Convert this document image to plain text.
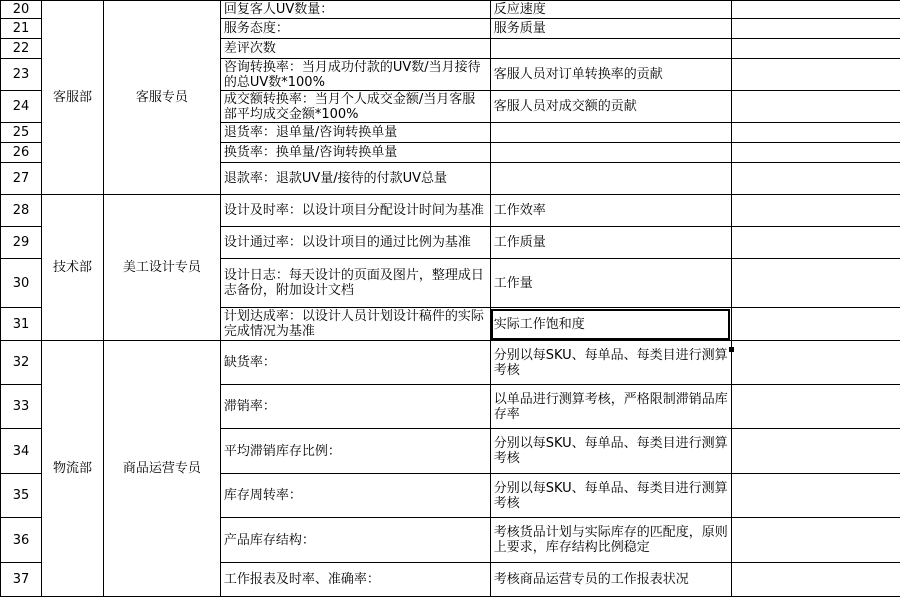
20	客服部	客服专员	回复客人UV数量：	反应速度	
21			服务态度：	服务质量	
22			差评次数		
23			咨询转换率：当月成功付款的UV数/当月接待的总UV数*100%	客服人员对订单转换率的贡献	
24			成交额转换率：当月个人成交金额/当月客服部平均成交金额*100%	客服人员对成交额的贡献	
25			退货率：退单量/咨询转换单量		
26			换货率：换单量/咨询转换单量		
27			退款率：退款UV量/接待的付款UV总量		
28	技术部	美工设计专员	设计及时率：以设计项目分配设计时间为基准	工作效率	
29			设计通过率：以设计项目的通过比例为基准	工作质量	
30			设计日志：每天设计的页面及图片，整理成日志备份，附加设计文档	工作量	
31			计划达成率：以设计人员计划设计稿件的实际完成情况为基准	实际工作饱和度	
32	物流部	商品运营专员	缺货率：	分别以每SKU、每单品、每类目进行测算考核	
33			滞销率：	以单品进行测算考核，严格限制滞销品库存率	
34			平均滞销库存比例：	分别以每SKU、每单品、每类目进行测算考核	
35			库存周转率：	分别以每SKU、每单品、每类目进行测算考核	
36			产品库存结构：	考核货品计划与实际库存的匹配度，原则上要求，库存结构比例稳定	
37			工作报表及时率、准确率：	考核商品运营专员的工作报表状况	
